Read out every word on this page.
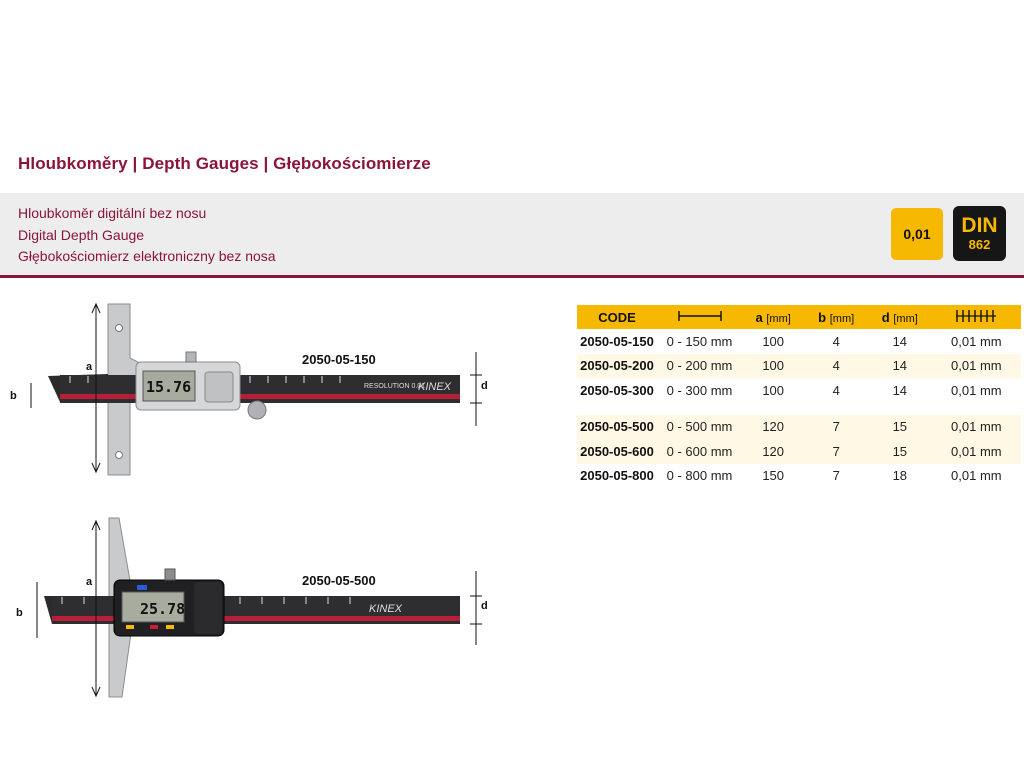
Hloubkoměry | Depth Gauges | Głębokościomierze
Hloubkoměr digitální bez nosu
Digital Depth Gauge
Głębokościomierz elektroniczny bez nosa
0,01	DIN
862
2050-05-150
15.76	RESOLUTION 0.01
KINEX
a
b
d
2050-05-500
25.78	KINEX
a
b
d
CODE		a [mm]	b [mm]	d [mm]	
2050-05-150	0 - 150 mm	100	4	14	0,01 mm
2050-05-200	0 - 200 mm	100	4	14	0,01 mm
2050-05-300	0 - 300 mm	100	4	14	0,01 mm

2050-05-500	0 - 500 mm	120	7	15	0,01 mm
2050-05-600	0 - 600 mm	120	7	15	0,01 mm
2050-05-800	0 - 800 mm	150	7	18	0,01 mm
